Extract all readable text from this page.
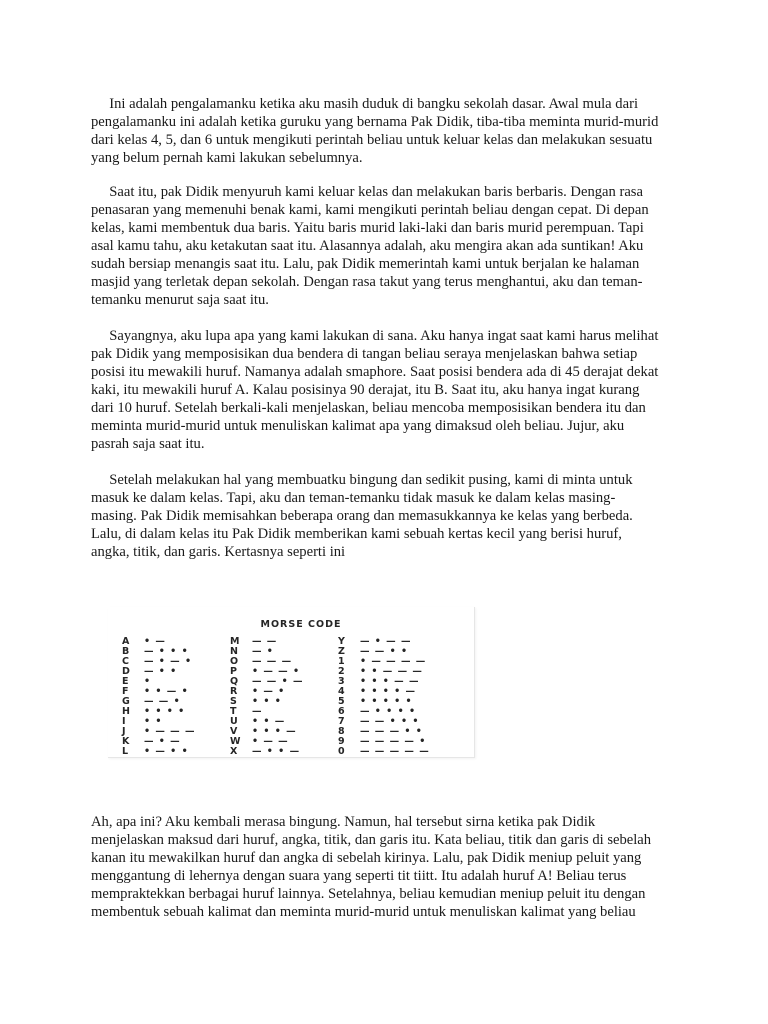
Ini adalah pengalamanku ketika aku masih duduk di bangku sekolah dasar. Awal mula dari
pengalamanku ini adalah ketika guruku yang bernama Pak Didik, tiba-tiba meminta murid-murid
dari kelas 4, 5, dan 6 untuk mengikuti perintah beliau untuk keluar kelas dan melakukan sesuatu
yang belum pernah kami lakukan sebelumnya.
Saat itu, pak Didik menyuruh kami keluar kelas dan melakukan baris berbaris. Dengan rasa
penasaran yang memenuhi benak kami, kami mengikuti perintah beliau dengan cepat. Di depan
kelas, kami membentuk dua baris. Yaitu baris murid laki-laki dan baris murid perempuan. Tapi
asal kamu tahu, aku ketakutan saat itu. Alasannya adalah, aku mengira akan ada suntikan! Aku
sudah bersiap menangis saat itu. Lalu, pak Didik memerintah kami untuk berjalan ke halaman
masjid yang terletak depan sekolah. Dengan rasa takut yang terus menghantui, aku dan teman-
temanku menurut saja saat itu.
Sayangnya, aku lupa apa yang kami lakukan di sana. Aku hanya ingat saat kami harus melihat
pak Didik yang memposisikan dua bendera di tangan beliau seraya menjelaskan bahwa setiap
posisi itu mewakili huruf. Namanya adalah smaphore. Saat posisi bendera ada di 45 derajat dekat
kaki, itu mewakili huruf A. Kalau posisinya 90 derajat, itu B. Saat itu, aku hanya ingat kurang
dari 10 huruf. Setelah berkali-kali menjelaskan, beliau mencoba memposisikan bendera itu dan
meminta murid-murid untuk menuliskan kalimat apa yang dimaksud oleh beliau. Jujur, aku
pasrah saja saat itu.
Setelah melakukan hal yang membuatku bingung dan sedikit pusing, kami di minta untuk
masuk ke dalam kelas. Tapi, aku dan teman-temanku tidak masuk ke dalam kelas masing-
masing. Pak Didik memisahkan beberapa orang dan memasukkannya ke kelas yang berbeda.
Lalu, di dalam kelas itu Pak Didik memberikan kami sebuah kertas kecil yang berisi huruf,
angka, titik, dan garis. Kertasnya seperti ini
MORSE CODE
A • —
B — • • •
C — • — •
D — • •
E •
F • • — •
G — — •
H • • • •
I • •
J • — — —
K — • —
L • — • •
M — —
N — •
O — — —
P • — — •
Q — — • —
R • — •
S • • •
T —
U • • —
V • • • —
W • — —
X — • • —
Y — • — —
Z — — • •
1 • — — — —
2 • • — — —
3 • • • — —
4 • • • • —
5 • • • • •
6 — • • • •
7 — — • • •
8 — — — • •
9 — — — — •
0 — — — — —
Ah, apa ini? Aku kembali merasa bingung. Namun, hal tersebut sirna ketika pak Didik
menjelaskan maksud dari huruf, angka, titik, dan garis itu. Kata beliau, titik dan garis di sebelah
kanan itu mewakilkan huruf dan angka di sebelah kirinya. Lalu, pak Didik meniup peluit yang
menggantung di lehernya dengan suara yang seperti tit tiitt. Itu adalah huruf A! Beliau terus
mempraktekkan berbagai huruf lainnya. Setelahnya, beliau kemudian meniup peluit itu dengan
membentuk sebuah kalimat dan meminta murid-murid untuk menuliskan kalimat yang beliau
